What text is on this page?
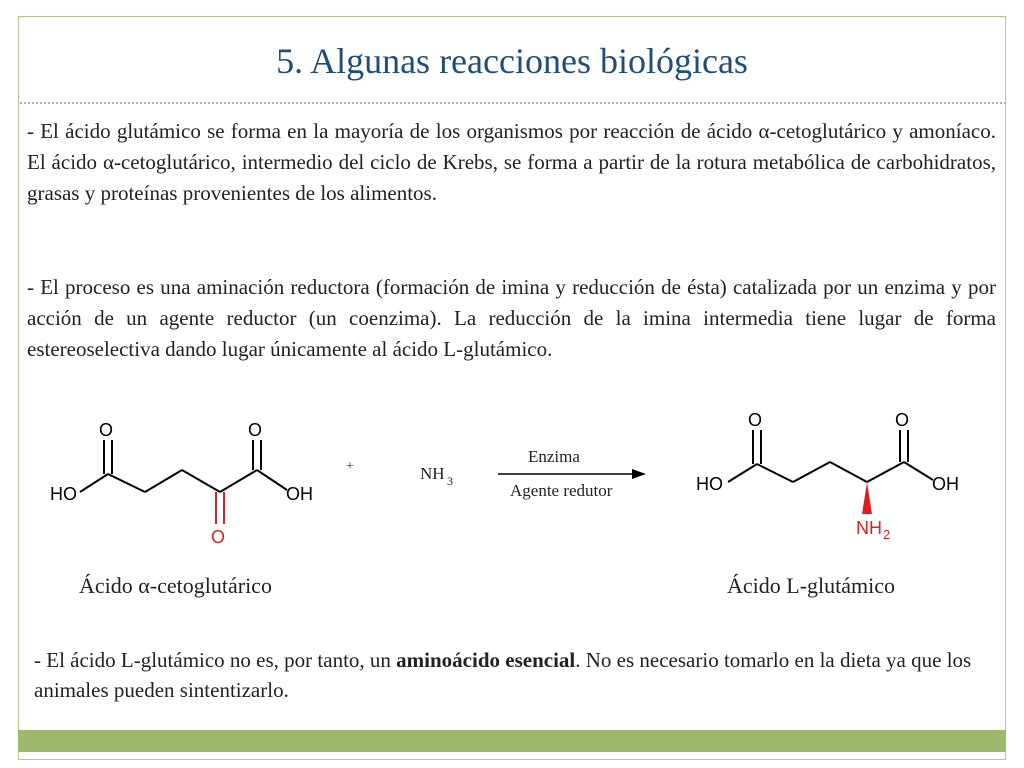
5. Algunas reacciones biológicas

- El ácido glutámico se forma en la mayoría de los organismos por reacción de ácido α-cetoglutárico y amoníaco. El ácido α-cetoglutárico, intermedio del ciclo de Krebs, se forma a partir de la rotura metabólica de carbohidratos, grasas y proteínas provenientes de los alimentos.

- El proceso es una aminación reductora (formación de imina y reducción de ésta) catalizada por un enzima y por acción de un agente reductor (un coenzima). La reducción de la imina intermedia tiene lugar de forma estereoselectiva dando lugar únicamente al ácido L-glutámico.

O	O
HO	OH
O
+	NH 3
Enzima
Agente redutor
O	O
HO	OH
NH 2
Ácido α-cetoglutárico	Ácido L-glutámico

- El ácido L-glutámico no es, por tanto, un aminoácido esencial. No es necesario tomarlo en la dieta ya que los animales pueden sintentizarlo.
